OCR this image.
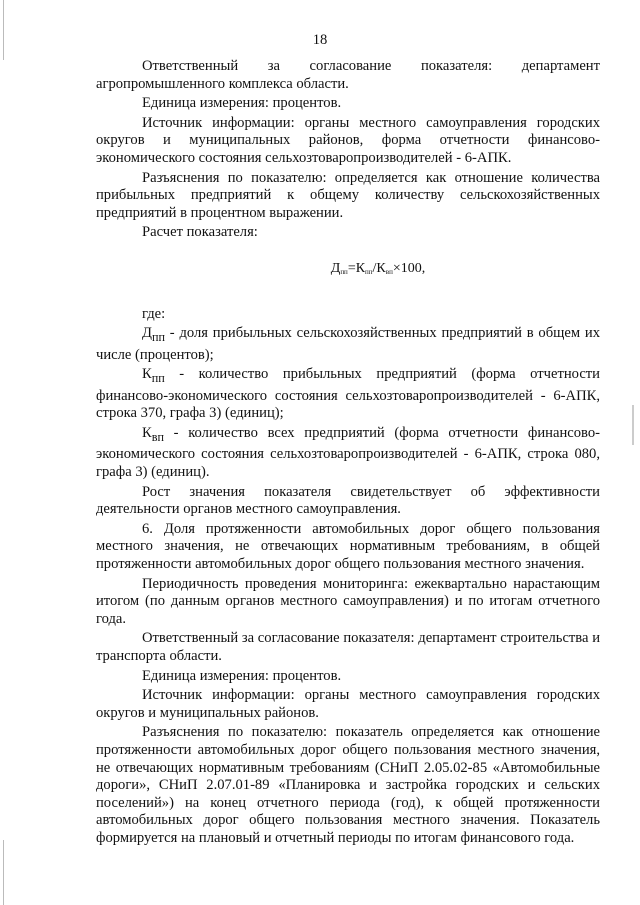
18

Ответственный за согласование показателя: департамент агропромышленного комплекса области.

Единица измерения: процентов.

Источник информации: органы местного самоуправления городских округов и муниципальных районов, форма отчетности финансово-экономического состояния сельхозтоваропроизводителей - 6-АПК.

Разъяснения по показателю: определяется как отношение количества прибыльных предприятий к общему количеству сельскохозяйственных предприятий в процентном выражении.

Расчет показателя:

$Д_{пп}=К_{пп}/К_{вп}\times 100$,

где:

$Д_{пп}$ - доля прибыльных сельскохозяйственных предприятий в общем их числе (процентов);

$К_{пп}$ - количество прибыльных предприятий (форма отчетности финансово-экономического состояния сельхозтоваропроизводителей - 6-АПК, строка 370, графа 3) (единиц);

$К_{вп}$ - количество всех предприятий (форма отчетности финансово-экономического состояния сельхозтоваропроизводителей - 6-АПК, строка 080, графа 3) (единиц).

Рост значения показателя свидетельствует об эффективности деятельности органов местного самоуправления.

6. Доля протяженности автомобильных дорог общего пользования местного значения, не отвечающих нормативным требованиям, в общей протяженности автомобильных дорог общего пользования местного значения.

Периодичность проведения мониторинга: ежеквартально нарастающим итогом (по данным органов местного самоуправления) и по итогам отчетного года.

Ответственный за согласование показателя: департамент строительства и транспорта области.

Единица измерения: процентов.

Источник информации: органы местного самоуправления городских округов и муниципальных районов.

Разъяснения по показателю: показатель определяется как отношение протяженности автомобильных дорог общего пользования местного значения, не отвечающих нормативным требованиям (СНиП 2.05.02-85 «Автомобильные дороги», СНиП 2.07.01-89 «Планировка и застройка городских и сельских поселений») на конец отчетного периода (год), к общей протяженности автомобильных дорог общего пользования местного значения. Показатель формируется на плановый и отчетный периоды по итогам финансового года.
